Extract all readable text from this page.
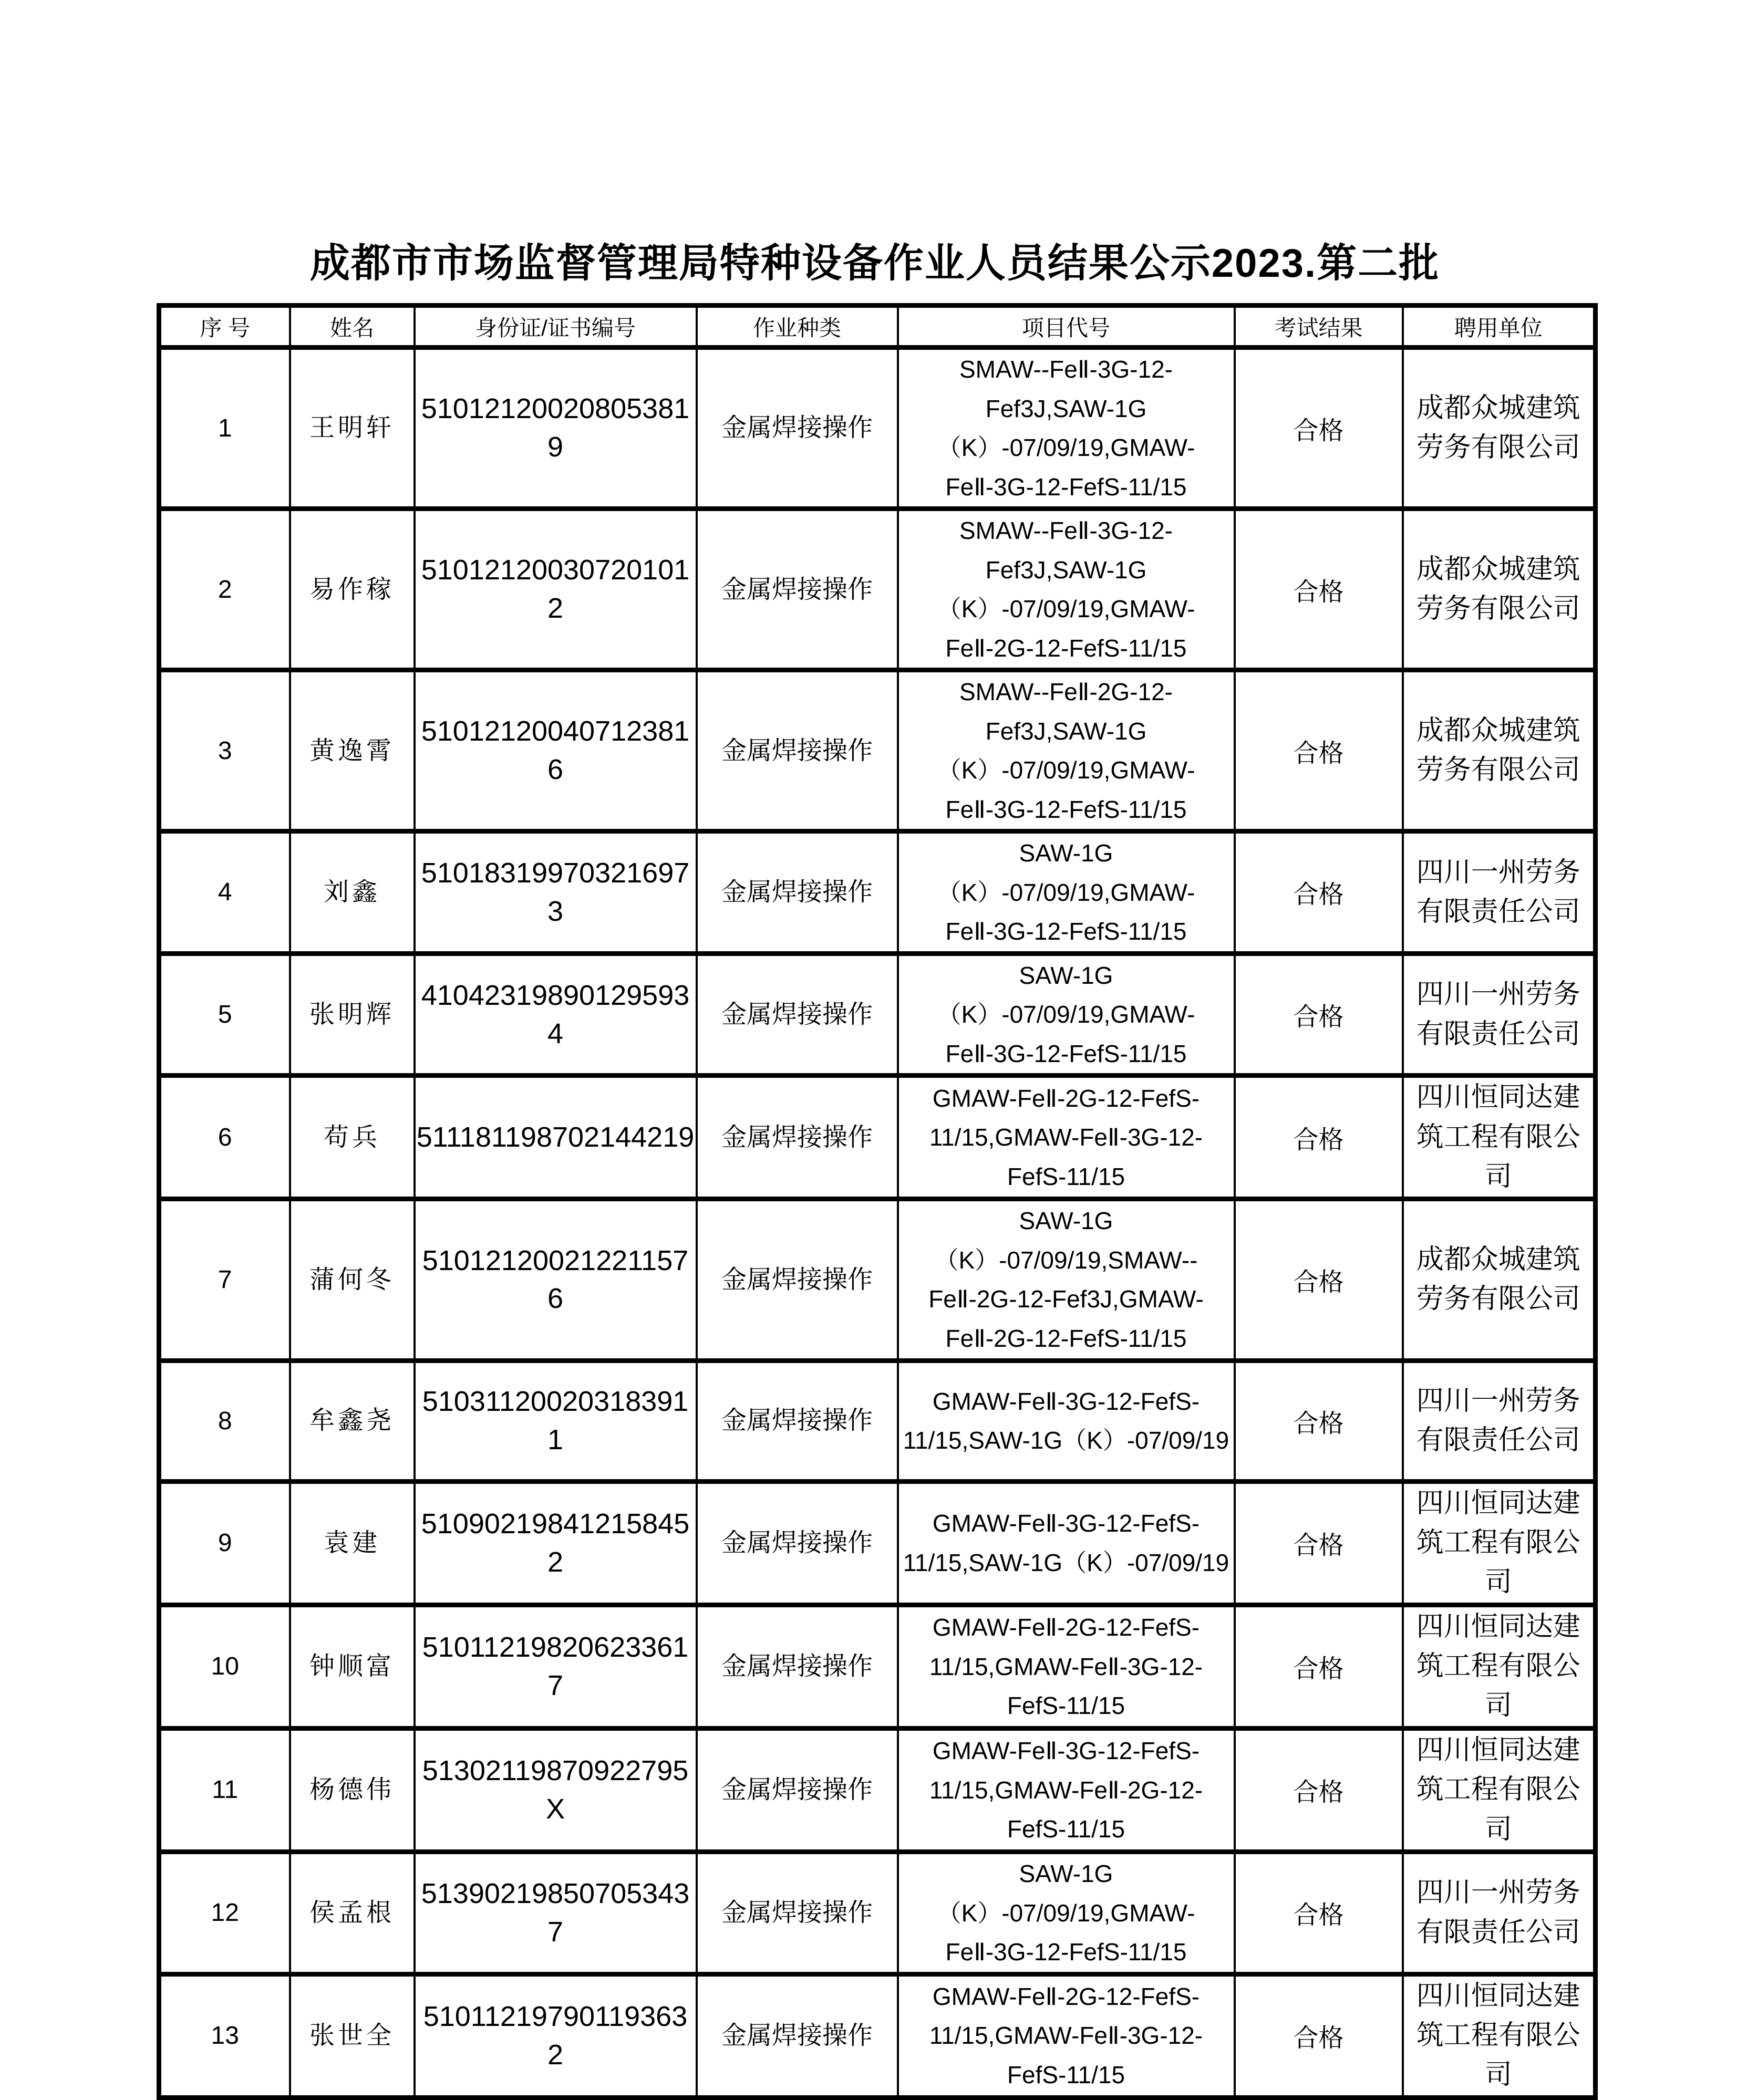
成都市市场监督管理局特种设备作业人员结果公示2023.第二批
序 号	姓名	身份证/证书编号	作业种类	项目代号	考试结果	聘用单位
1	王明轩	510121200208053819	金属焊接操作	SMAW--FeⅡ-3G-12-Fef3J,SAW-1G（K）-07/09/19,GMAW-FeⅡ-3G-12-FefS-11/15	合格	成都众城建筑劳务有限公司
2	易作稼	510121200307201012	金属焊接操作	SMAW--FeⅡ-3G-12-Fef3J,SAW-1G（K）-07/09/19,GMAW-FeⅡ-2G-12-FefS-11/15	合格	成都众城建筑劳务有限公司
3	黄逸霄	510121200407123816	金属焊接操作	SMAW--FeⅡ-2G-12-Fef3J,SAW-1G（K）-07/09/19,GMAW-FeⅡ-3G-12-FefS-11/15	合格	成都众城建筑劳务有限公司
4	刘鑫	510183199703216973	金属焊接操作	SAW-1G（K）-07/09/19,GMAW-FeⅡ-3G-12-FefS-11/15	合格	四川一州劳务有限责任公司
5	张明辉	410423198901295934	金属焊接操作	SAW-1G（K）-07/09/19,GMAW-FeⅡ-3G-12-FefS-11/15	合格	四川一州劳务有限责任公司
6	苟兵	511181198702144219	金属焊接操作	GMAW-FeⅡ-2G-12-FefS-11/15,GMAW-FeⅡ-3G-12-FefS-11/15	合格	四川恒同达建筑工程有限公司
7	蒲何冬	510121200212211576	金属焊接操作	SAW-1G（K）-07/09/19,SMAW--FeⅡ-2G-12-Fef3J,GMAW-FeⅡ-2G-12-FefS-11/15	合格	成都众城建筑劳务有限公司
8	牟鑫尧	510311200203183911	金属焊接操作	GMAW-FeⅡ-3G-12-FefS-11/15,SAW-1G（K）-07/09/19	合格	四川一州劳务有限责任公司
9	袁建	510902198412158452	金属焊接操作	GMAW-FeⅡ-3G-12-FefS-11/15,SAW-1G（K）-07/09/19	合格	四川恒同达建筑工程有限公司
10	钟顺富	510112198206233617	金属焊接操作	GMAW-FeⅡ-2G-12-FefS-11/15,GMAW-FeⅡ-3G-12-FefS-11/15	合格	四川恒同达建筑工程有限公司
11	杨德伟	51302119870922795X	金属焊接操作	GMAW-FeⅡ-3G-12-FefS-11/15,GMAW-FeⅡ-2G-12-FefS-11/15	合格	四川恒同达建筑工程有限公司
12	侯孟根	513902198507053437	金属焊接操作	SAW-1G（K）-07/09/19,GMAW-FeⅡ-3G-12-FefS-11/15	合格	四川一州劳务有限责任公司
13	张世全	510112197901193632	金属焊接操作	GMAW-FeⅡ-2G-12-FefS-11/15,GMAW-FeⅡ-3G-12-FefS-11/15	合格	四川恒同达建筑工程有限公司
